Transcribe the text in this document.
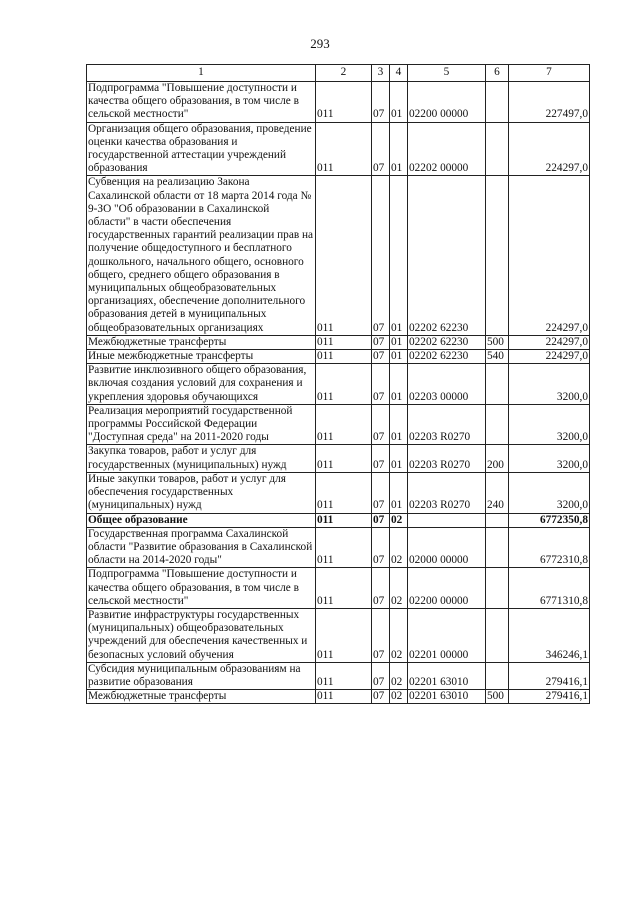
293
1	2	3	4	5	6	7
Подпрограмма "Повышение доступности и качества общего образования, в том числе в сельской местности"	011	07	01	02200 00000		227497,0
Организация общего образования, проведение оценки качества образования и государственной аттестации учреждений образования	011	07	01	02202 00000		224297,0
Субвенция на реализацию Закона Сахалинской области от 18 марта 2014 года № 9-ЗО "Об образовании в Сахалинской области" в части обеспечения государственных гарантий реализации прав на получение общедоступного и бесплатного дошкольного, начального общего, основного общего, среднего общего образования в муниципальных общеобразовательных организациях, обеспечение дополнительного образования детей в муниципальных общеобразовательных организациях	011	07	01	02202 62230		224297,0
Межбюджетные трансферты	011	07	01	02202 62230	500	224297,0
Иные межбюджетные трансферты	011	07	01	02202 62230	540	224297,0
Развитие инклюзивного общего образования, включая создания условий для сохранения и укрепления здоровья обучающихся	011	07	01	02203 00000		3200,0
Реализация мероприятий государственной программы Российской Федерации "Доступная среда" на 2011-2020 годы	011	07	01	02203 R0270		3200,0
Закупка товаров, работ и услуг для государственных (муниципальных) нужд	011	07	01	02203 R0270	200	3200,0
Иные закупки товаров, работ и услуг для обеспечения государственных (муниципальных) нужд	011	07	01	02203 R0270	240	3200,0
Общее образование	011	07	02			6772350,8
Государственная программа Сахалинской области "Развитие образования в Сахалинской области на 2014-2020 годы"	011	07	02	02000 00000		6772310,8
Подпрограмма "Повышение доступности и качества общего образования, в том числе в сельской местности"	011	07	02	02200 00000		6771310,8
Развитие инфраструктуры государственных (муниципальных) общеобразовательных учреждений для обеспечения качественных и безопасных условий обучения	011	07	02	02201 00000		346246,1
Субсидия муниципальным образованиям на развитие образования	011	07	02	02201 63010		279416,1
Межбюджетные трансферты	011	07	02	02201 63010	500	279416,1
